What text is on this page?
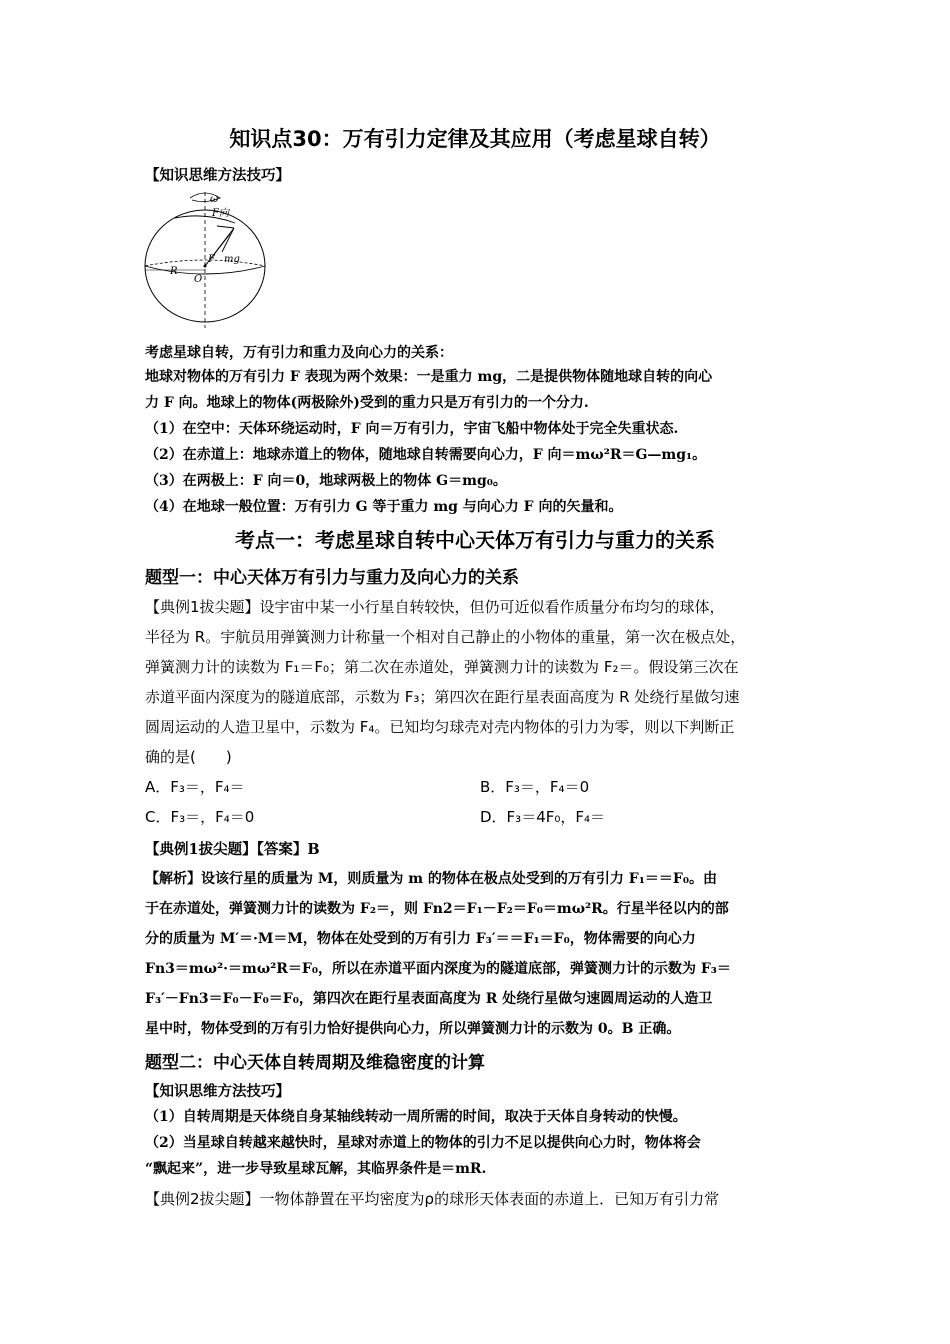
知识点30：万有引力定律及其应用（考虑星球自转）
【知识思维方法技巧】
ω
F向
F mg
R
O
考虑星球自转，万有引力和重力及向心力的关系：
地球对物体的万有引力 F 表现为两个效果：一是重力 mg，二是提供物体随地球自转的向心
力 F 向。地球上的物体(两极除外)受到的重力只是万有引力的一个分力.
（1）在空中：天体环绕运动时，F 向＝万有引力，宇宙飞船中物体处于完全失重状态.
（2）在赤道上：地球赤道上的物体，随地球自转需要向心力，F 向＝mω²R＝G—mg₁。
（3）在两极上：F 向＝0，地球两极上的物体 G＝mg₀。
（4）在地球一般位置：万有引力 G 等于重力 mg 与向心力 F 向的矢量和。
考点一：考虑星球自转中心天体万有引力与重力的关系
题型一：中心天体万有引力与重力及向心力的关系
【典例1拔尖题】设宇宙中某一小行星自转较快，但仍可近似看作质量分布均匀的球体，
半径为 R。宇航员用弹簧测力计称量一个相对自己静止的小物体的重量，第一次在极点处，
弹簧测力计的读数为 F₁＝F₀；第二次在赤道处，弹簧测力计的读数为 F₂＝。假设第三次在
赤道平面内深度为的隧道底部，示数为 F₃；第四次在距行星表面高度为 R 处绕行星做匀速
圆周运动的人造卫星中，示数为 F₄。已知均匀球壳对壳内物体的引力为零，则以下判断正
确的是(　　)
A．F₃＝，F₄＝	B．F₃＝，F₄＝0
C．F₃＝，F₄＝0	D．F₃＝4F₀，F₄＝
【典例1拔尖题】【答案】B
【解析】设该行星的质量为 M，则质量为 m 的物体在极点处受到的万有引力 F₁＝＝F₀。由
于在赤道处，弹簧测力计的读数为 F₂＝，则 Fn2＝F₁－F₂＝F₀＝mω²R。行星半径以内的部
分的质量为 M′＝·M＝M，物体在处受到的万有引力 F₃′＝＝F₁＝F₀，物体需要的向心力
Fn3＝mω²·＝mω²R＝F₀，所以在赤道平面内深度为的隧道底部，弹簧测力计的示数为 F₃＝
F₃′－Fn3＝F₀－F₀＝F₀，第四次在距行星表面高度为 R 处绕行星做匀速圆周运动的人造卫
星中时，物体受到的万有引力恰好提供向心力，所以弹簧测力计的示数为 0。B 正确。
题型二：中心天体自转周期及维稳密度的计算
【知识思维方法技巧】
（1）自转周期是天体绕自身某轴线转动一周所需的时间，取决于天体自身转动的快慢。
（2）当星球自转越来越快时，星球对赤道上的物体的引力不足以提供向心力时，物体将会
“飘起来”，进一步导致星球瓦解，其临界条件是＝mR.
【典例2拔尖题】一物体静置在平均密度为ρ的球形天体表面的赤道上．已知万有引力常
